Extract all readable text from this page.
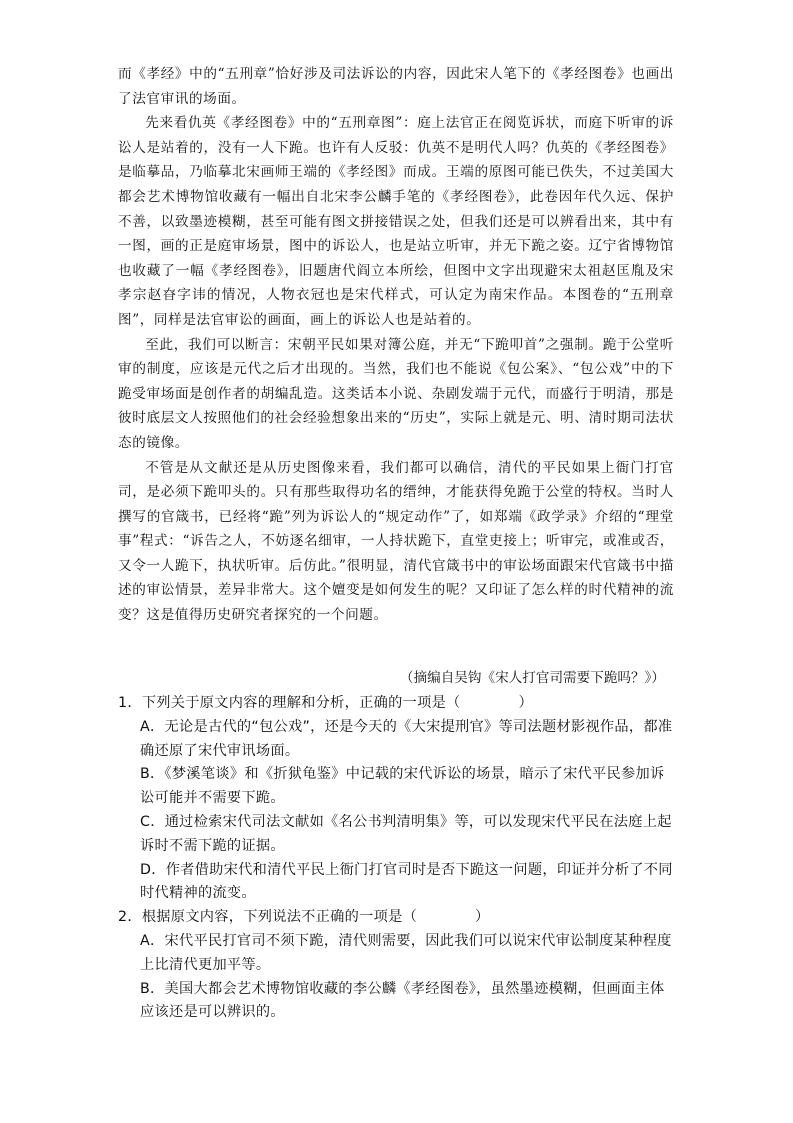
而《孝经》中的“五刑章”恰好涉及司法诉讼的内容，因此宋人笔下的《孝经图卷》也画出了法官审讯的场面。

先来看仇英《孝经图卷》中的“五刑章图”：庭上法官正在阅览诉状，而庭下听审的诉讼人是站着的，没有一人下跪。也许有人反驳：仇英不是明代人吗？仇英的《孝经图卷》是临摹品，乃临摹北宋画师王端的《孝经图》而成。王端的原图可能已佚失，不过美国大都会艺术博物馆收藏有一幅出自北宋李公麟手笔的《孝经图卷》，此卷因年代久远、保护不善，以致墨迹模糊，甚至可能有图文拼接错误之处，但我们还是可以辨看出来，其中有一图，画的正是庭审场景，图中的诉讼人，也是站立听审，并无下跪之姿。辽宁省博物馆也收藏了一幅《孝经图卷》，旧题唐代阎立本所绘，但图中文字出现避宋太祖赵匡胤及宋孝宗赵昚字讳的情况，人物衣冠也是宋代样式，可认定为南宋作品。本图卷的“五刑章图”，同样是法官审讼的画面，画上的诉讼人也是站着的。

至此，我们可以断言：宋朝平民如果对簿公庭，并无“下跪叩首”之强制。跪于公堂听审的制度，应该是元代之后才出现的。当然，我们也不能说《包公案》、“包公戏”中的下跪受审场面是创作者的胡编乱造。这类话本小说、杂剧发端于元代，而盛行于明清，那是彼时底层文人按照他们的社会经验想象出来的“历史”，实际上就是元、明、清时期司法状态的镜像。

不管是从文献还是从历史图像来看，我们都可以确信，清代的平民如果上衙门打官司，是必须下跪叩头的。只有那些取得功名的缙绅，才能获得免跪于公堂的特权。当时人撰写的官箴书，已经将“跪”列为诉讼人的“规定动作”了，如郑端《政学录》介绍的“理堂事”程式：“诉告之人，不妨逐名细审，一人持状跪下，直堂吏接上；听审完，或准或否，又令一人跪下，执状听审。后仿此。”很明显，清代官箴书中的审讼场面跟宋代官箴书中描述的审讼情景，差异非常大。这个嬗变是如何发生的呢？又印证了怎么样的时代精神的流变？这是值得历史研究者探究的一个问题。

（摘编自吴钩《宋人打官司需要下跪吗？》）

1．下列关于原文内容的理解和分析，正确的一项是（　　　　）

A．无论是古代的“包公戏”，还是今天的《大宋提刑官》等司法题材影视作品，都准确还原了宋代审讯场面。

B．《梦溪笔谈》和《折狱龟鉴》中记载的宋代诉讼的场景，暗示了宋代平民参加诉讼可能并不需要下跪。

C．通过检索宋代司法文献如《名公书判清明集》等，可以发现宋代平民在法庭上起诉时不需下跪的证据。

D．作者借助宋代和清代平民上衙门打官司时是否下跪这一问题，印证并分析了不同时代精神的流变。

2．根据原文内容，下列说法不正确的一项是（　　　　）

A．宋代平民打官司不须下跪，清代则需要，因此我们可以说宋代审讼制度某种程度上比清代更加平等。

B．美国大都会艺术博物馆收藏的李公麟《孝经图卷》，虽然墨迹模糊，但画面主体应该还是可以辨识的。
